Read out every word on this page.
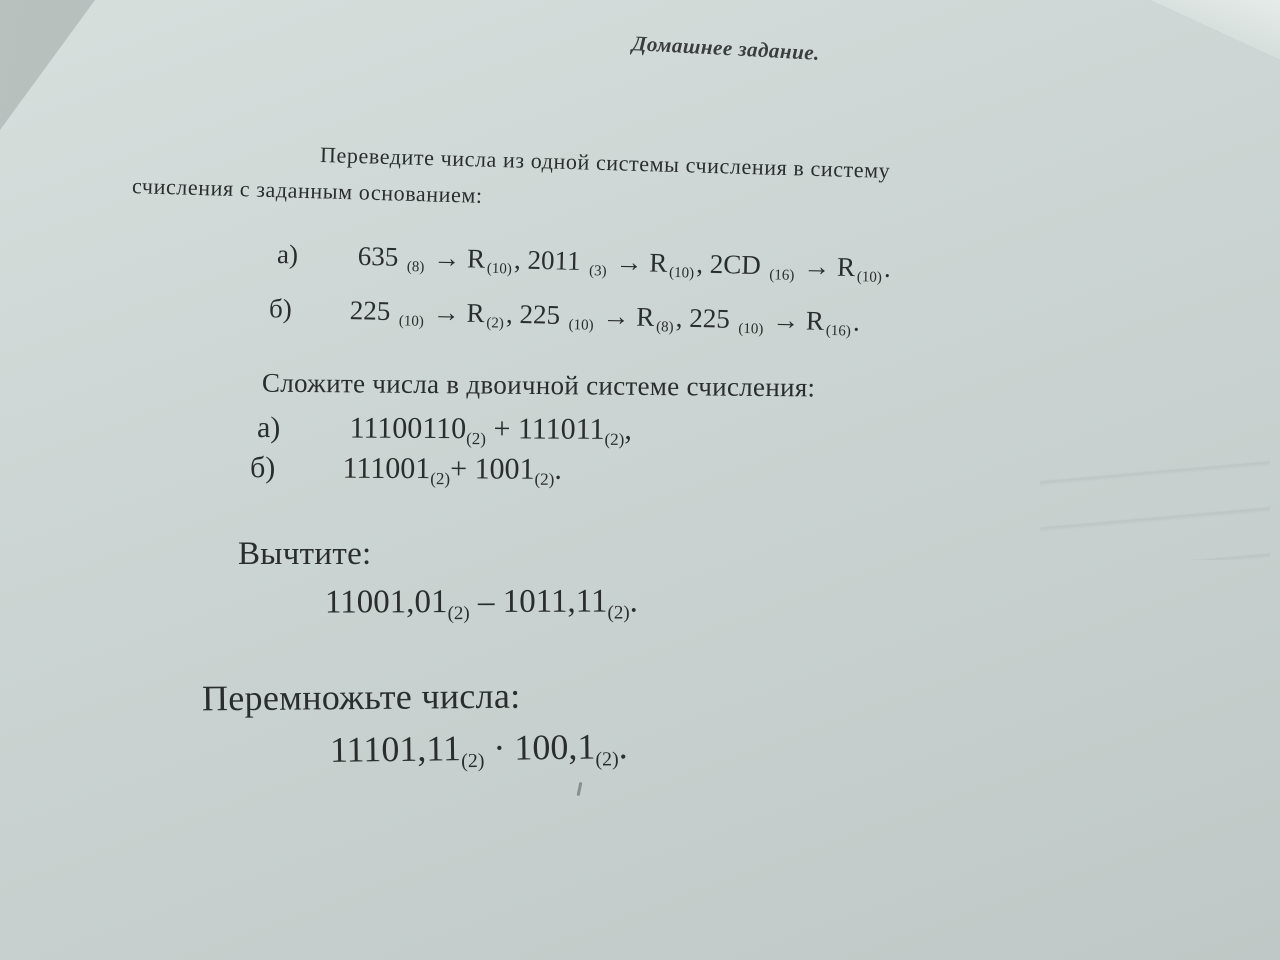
Домашнее задание.
Переведите числа из одной системы счисления в систему
счисления с заданным основанием:
а) 635 $_{(8)} \to R_{(10)}$, 2011 $_{(3)} \to R_{(10)}$, 2CD $_{(16)} \to R_{(10)}$.
б) 225 $_{(10)} \to R_{(2)}$, 225 $_{(10)} \to R_{(8)}$, 225 $_{(10)} \to R_{(16)}$.
Сложите числа в двоичной системе счисления:
а) $11100110_{(2)} + 111011_{(2)}$,
б) $111001_{(2)}+ 1001_{(2)}$.
Вычтите:
$11001,01_{(2)} - 1011,11_{(2)}$.
Перемножьте числа:
$11101,11_{(2)} \cdot 100,1_{(2)}$.
